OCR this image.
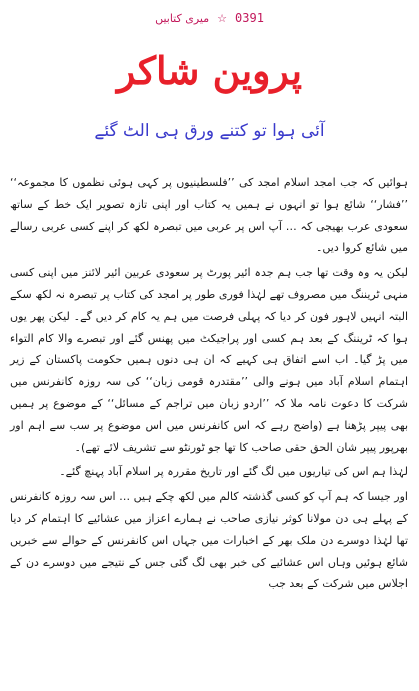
میری کتابیں ☆ 0391
پروین شاکر
آئی ہوا تو کتنے ورق ہی الٹ گئے

ہوائیں کہ جب امجد اسلام امجد کی ’’فلسطینیوں پر کہی ہوئی نظموں کا مجموعہ‘‘ ’’فشار‘‘ شائع ہوا تو انہوں نے ہمیں یہ کتاب اور اپنی تازہ تصویر ایک خط کے ساتھ سعودی عرب بھیجی کہ … آپ اس پر عربی میں تبصرہ لکھ کر اپنے کسی عربی رسالے میں شائع کروا دیں۔

لیکن یہ وہ وقت تھا جب ہم جدہ ائیر پورٹ پر سعودی عربین ائیر لائنز میں اپنی کسی منہی ٹریننگ میں مصروف تھے لہٰذا فوری طور پر امجد کی کتاب پر تبصرہ نہ لکھ سکے البتہ انہیں لاہور فون کر دیا کہ پہلی فرصت میں ہم یہ کام کر دیں گے۔ لیکن پھر یوں ہوا کہ ٹریننگ کے بعد ہم کسی اور پراجیکٹ میں پھنس گئے اور تبصرے والا کام التواء میں پڑ گیا۔ اب اسے اتفاق ہی کہیے کہ ان ہی دنوں ہمیں حکومت پاکستان کے زیر اہتمام اسلام آباد میں ہونے والی ’’مقتدرہ قومی زبان‘‘ کی سہ روزہ کانفرنس میں شرکت کا دعوت نامہ ملا کہ ’’اردو زبان میں تراجم کے مسائل‘‘ کے موضوع پر ہمیں بھی پیپر پڑھنا ہے (واضح رہے کہ اس کانفرنس میں اس موضوع پر سب سے اہم اور بھرپور پیپر شان الحق حقی صاحب کا تھا جو ٹورنٹو سے تشریف لائے تھے)۔

لہٰذا ہم اس کی تیاریوں میں لگ گئے اور تاریخ مقررہ پر اسلام آباد پہنچ گئے۔

اور جیسا کہ ہم آپ کو کسی گذشتہ کالم میں لکھ چکے ہیں … اس سہ روزہ کانفرنس کے پہلے ہی دن مولانا کوثر نیازی صاحب نے ہمارے اعزاز میں عشائیے کا اہتمام کر دیا تھا لہٰذا دوسرے دن ملک بھر کے اخبارات میں جہاں اس کانفرنس کے حوالے سے خبریں شائع ہوئیں وہاں اس عشائیے کی خبر بھی لگ گئی جس کے نتیجے میں دوسرے دن کے اجلاس میں شرکت کے بعد جب
